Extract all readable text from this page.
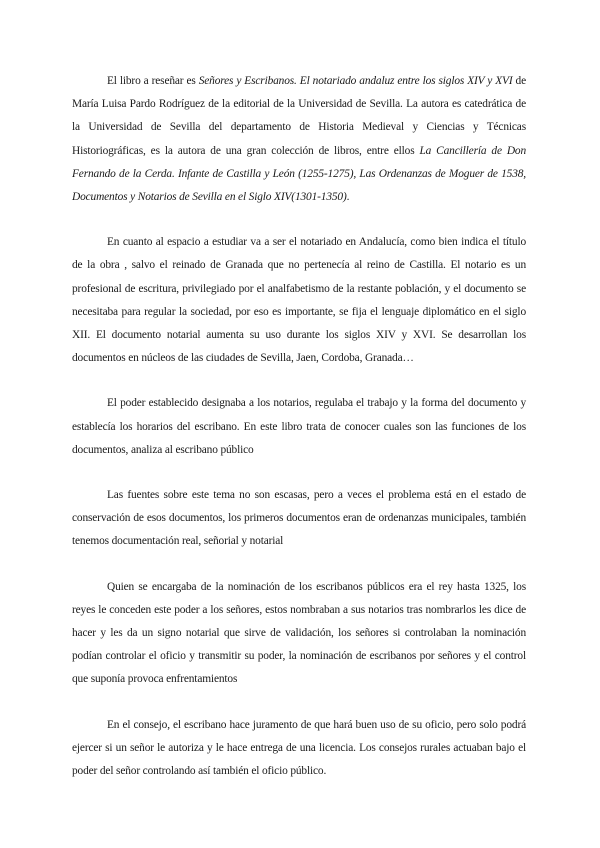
El libro a reseñar es Señores y Escribanos. El notariado andaluz entre los siglos XIV y XVI de María Luisa Pardo Rodríguez de la editorial de la Universidad de Sevilla. La autora es catedrática de la Universidad de Sevilla del departamento de Historia Medieval y Ciencias y Técnicas Historiográficas, es la autora de una gran colección de libros, entre ellos La Cancillería de Don Fernando de la Cerda. Infante de Castilla y León (1255-1275), Las Ordenanzas de Moguer de 1538, Documentos y Notarios de Sevilla en el Siglo XIV(1301-1350).

En cuanto al espacio a estudiar va a ser el notariado en Andalucía, como bien indica el título de la obra , salvo el reinado de Granada que no pertenecía al reino de Castilla. El notario es un profesional de escritura, privilegiado por el analfabetismo de la restante población, y el documento se necesitaba para regular la sociedad, por eso es importante, se fija el lenguaje diplomático en el siglo XII. El documento notarial aumenta su uso durante los siglos XIV y XVI. Se desarrollan los documentos en núcleos de las ciudades de Sevilla, Jaen, Cordoba, Granada…

El poder establecido designaba a los notarios, regulaba el trabajo y la forma del documento y establecía los horarios del escribano. En este libro trata de conocer cuales son las funciones de los documentos, analiza al escribano público

Las fuentes sobre este tema no son escasas, pero a veces el problema está en el estado de conservación de esos documentos, los primeros documentos eran de ordenanzas municipales, también tenemos documentación real, señorial y notarial

Quien se encargaba de la nominación de los escribanos públicos era el rey hasta 1325, los reyes le conceden este poder a los señores, estos nombraban a sus notarios tras nombrarlos les dice de hacer y les da un signo notarial que sirve de validación, los señores si controlaban la nominación podían controlar el oficio y transmitir su poder, la nominación de escribanos por señores y el control que suponía provoca enfrentamientos

En el consejo, el escribano hace juramento de que hará buen uso de su oficio, pero solo podrá ejercer si un señor le autoriza y le hace entrega de una licencia. Los consejos rurales actuaban bajo el poder del señor controlando así también el oficio público.
